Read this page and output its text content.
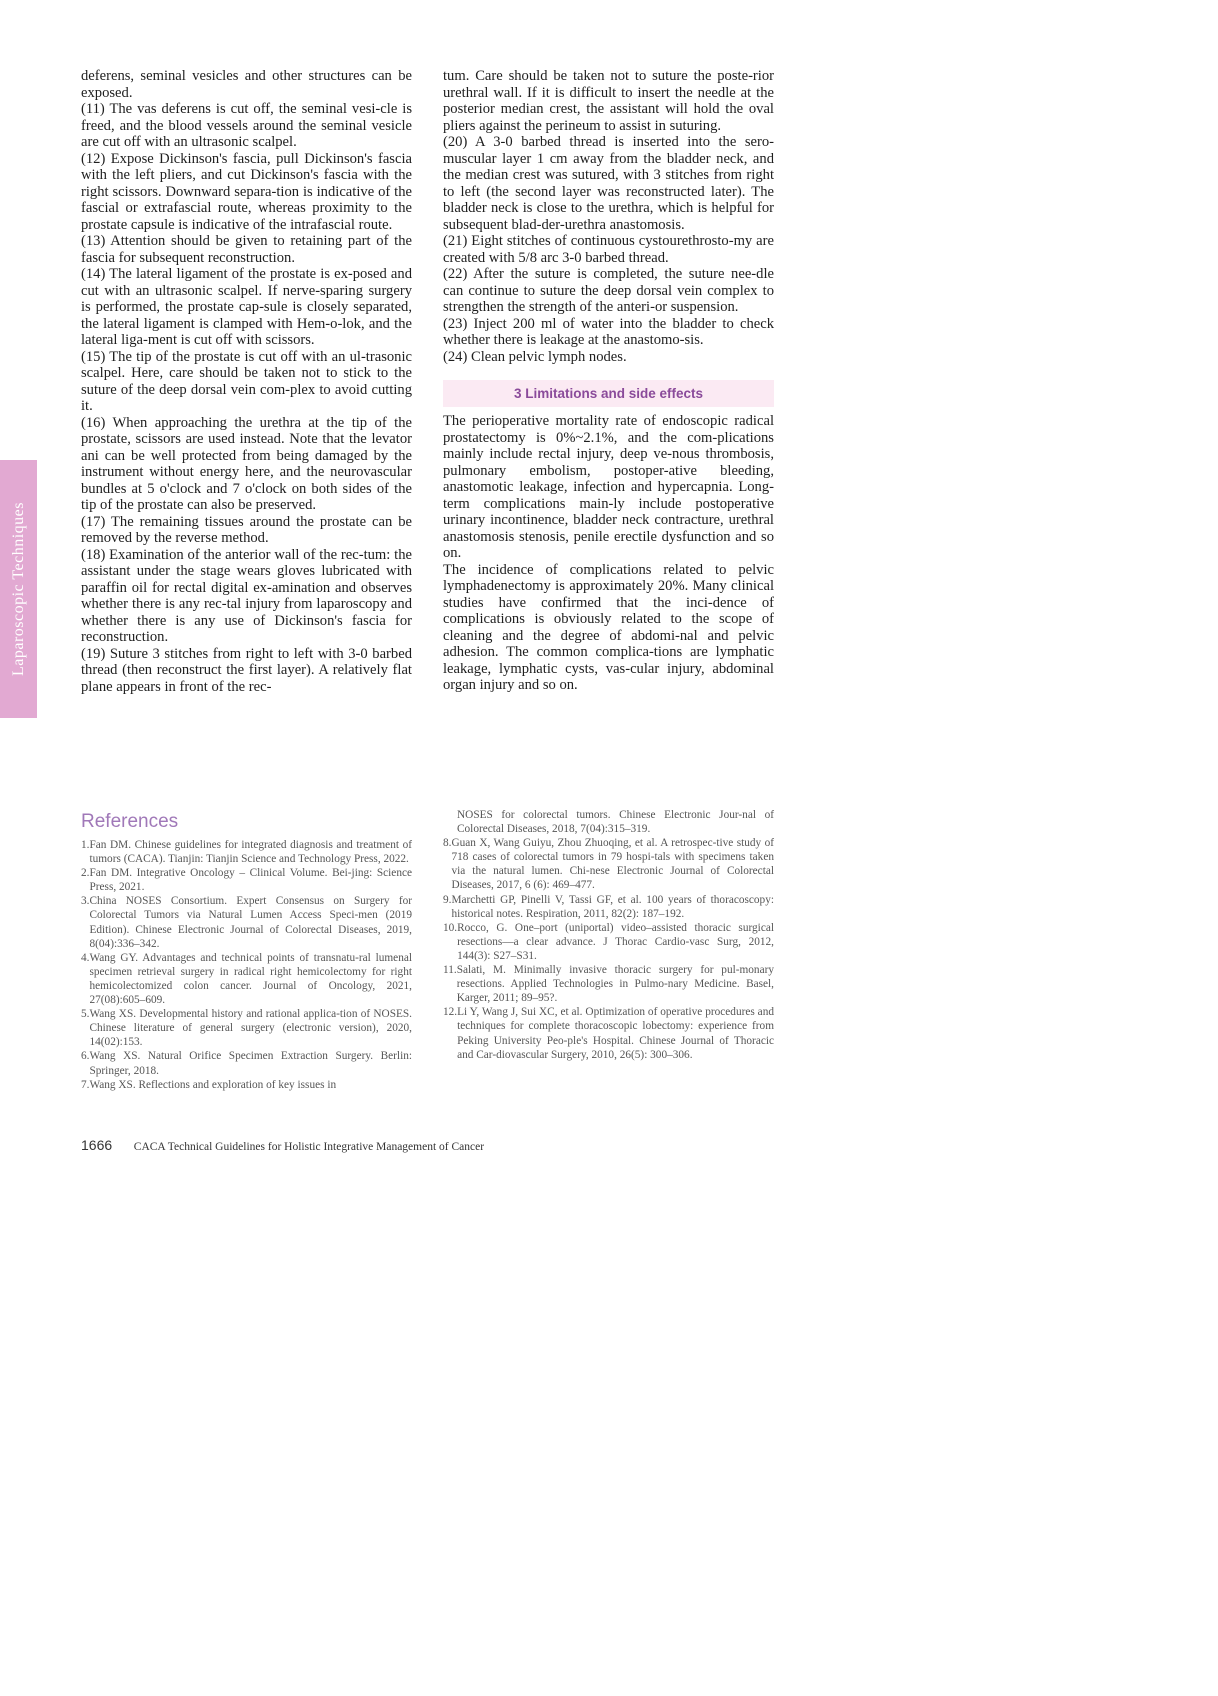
Laparoscopic Techniques

deferens, seminal vesicles and other structures can be exposed.

(11) The vas deferens is cut off, the seminal vesi-cle is freed, and the blood vessels around the seminal vesicle are cut off with an ultrasonic scalpel.

(12) Expose Dickinson's fascia, pull Dickinson's fascia with the left pliers, and cut Dickinson's fascia with the right scissors. Downward separa-tion is indicative of the fascial or extrafascial route, whereas proximity to the prostate capsule is indicative of the intrafascial route.

(13) Attention should be given to retaining part of the fascia for subsequent reconstruction.

(14) The lateral ligament of the prostate is ex-posed and cut with an ultrasonic scalpel. If nerve-sparing surgery is performed, the prostate cap-sule is closely separated, the lateral ligament is clamped with Hem-o-lok, and the lateral liga-ment is cut off with scissors.

(15) The tip of the prostate is cut off with an ul-trasonic scalpel. Here, care should be taken not to stick to the suture of the deep dorsal vein com-plex to avoid cutting it.

(16) When approaching the urethra at the tip of the prostate, scissors are used instead. Note that the levator ani can be well protected from being damaged by the instrument without energy here, and the neurovascular bundles at 5 o'clock and 7 o'clock on both sides of the tip of the prostate can also be preserved.

(17) The remaining tissues around the prostate can be removed by the reverse method.

(18) Examination of the anterior wall of the rec-tum: the assistant under the stage wears gloves lubricated with paraffin oil for rectal digital ex-amination and observes whether there is any rec-tal injury from laparoscopy and whether there is any use of Dickinson's fascia for reconstruction.

(19) Suture 3 stitches from right to left with 3-0 barbed thread (then reconstruct the first layer). A relatively flat plane appears in front of the rec-

tum. Care should be taken not to suture the poste-rior urethral wall. If it is difficult to insert the needle at the posterior median crest, the assistant will hold the oval pliers against the perineum to assist in suturing.

(20) A 3-0 barbed thread is inserted into the sero-muscular layer 1 cm away from the bladder neck, and the median crest was sutured, with 3 stitches from right to left (the second layer was reconstructed later). The bladder neck is close to the urethra, which is helpful for subsequent blad-der-urethra anastomosis.

(21) Eight stitches of continuous cystourethrosto-my are created with 5/8 arc 3-0 barbed thread.

(22) After the suture is completed, the suture nee-dle can continue to suture the deep dorsal vein complex to strengthen the strength of the anteri-or suspension.

(23) Inject 200 ml of water into the bladder to check whether there is leakage at the anastomo-sis.

(24) Clean pelvic lymph nodes.

3 Limitations and side effects

The perioperative mortality rate of endoscopic radical prostatectomy is 0%~2.1%, and the com-plications mainly include rectal injury, deep ve-nous thrombosis, pulmonary embolism, postoper-ative bleeding, anastomotic leakage, infection and hypercapnia. Long-term complications main-ly include postoperative urinary incontinence, bladder neck contracture, urethral anastomosis stenosis, penile erectile dysfunction and so on.

The incidence of complications related to pelvic lymphadenectomy is approximately 20%. Many clinical studies have confirmed that the inci-dence of complications is obviously related to the scope of cleaning and the degree of abdomi-nal and pelvic adhesion. The common complica-tions are lymphatic leakage, lymphatic cysts, vas-cular injury, abdominal organ injury and so on.

References
1. Fan DM. Chinese guidelines for integrated diagnosis and treatment of tumors (CACA). Tianjin: Tianjin Science and Technology Press, 2022.
2. Fan DM. Integrative Oncology – Clinical Volume. Bei-jing: Science Press, 2021.
3. China NOSES Consortium. Expert Consensus on Surgery for Colorectal Tumors via Natural Lumen Access Speci-men (2019 Edition). Chinese Electronic Journal of Colorectal Diseases, 2019, 8(04):336–342.
4. Wang GY. Advantages and technical points of transnatu-ral lumenal specimen retrieval surgery in radical right hemicolectomy for right hemicolectomized colon cancer. Journal of Oncology, 2021, 27(08):605–609.
5. Wang XS. Developmental history and rational applica-tion of NOSES. Chinese literature of general surgery (electronic version), 2020, 14(02):153.
6. Wang XS. Natural Orifice Specimen Extraction Surgery. Berlin: Springer, 2018.
7. Wang XS. Reflections and exploration of key issues in
NOSES for colorectal tumors. Chinese Electronic Jour-nal of Colorectal Diseases, 2018, 7(04):315–319.
8. Guan X, Wang Guiyu, Zhou Zhuoqing, et al. A retrospec-tive study of 718 cases of colorectal tumors in 79 hospi-tals with specimens taken via the natural lumen. Chi-nese Electronic Journal of Colorectal Diseases, 2017, 6 (6): 469–477.
9. Marchetti GP, Pinelli V, Tassi GF, et al. 100 years of thoracoscopy: historical notes. Respiration, 2011, 82(2): 187–192.
10. Rocco, G. One–port (uniportal) video–assisted thoracic surgical resections––a clear advance. J Thorac Cardio-vasc Surg, 2012, 144(3): S27–S31.
11. Salati, M. Minimally invasive thoracic surgery for pul-monary resections. Applied Technologies in Pulmo-nary Medicine. Basel, Karger, 2011; 89–95?.
12. Li Y, Wang J, Sui XC, et al. Optimization of operative procedures and techniques for complete thoracoscopic lobectomy: experience from Peking University Peo-ple's Hospital. Chinese Journal of Thoracic and Car-diovascular Surgery, 2010, 26(5): 300–306.
1666 CACA Technical Guidelines for Holistic Integrative Management of Cancer
